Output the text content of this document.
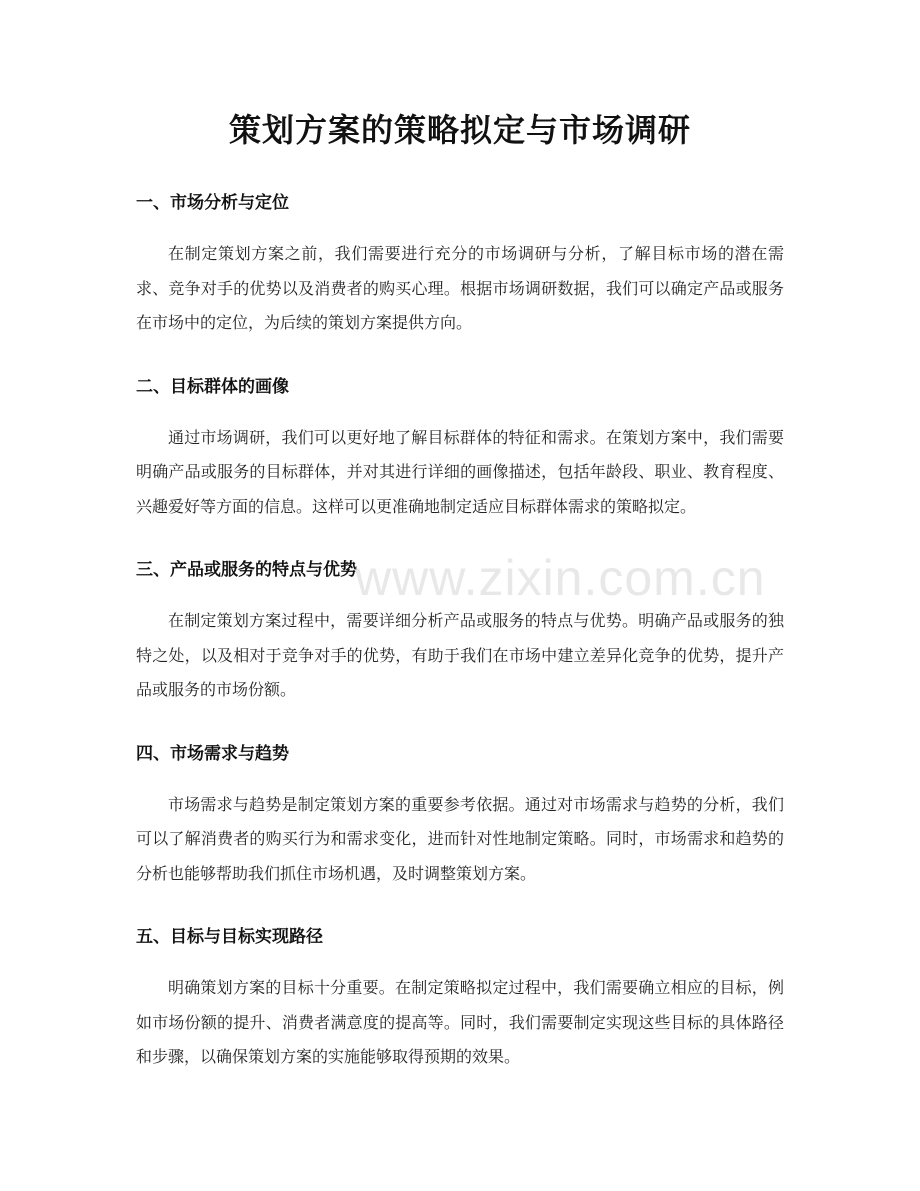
策划方案的策略拟定与市场调研
一、市场分析与定位

在制定策划方案之前，我们需要进行充分的市场调研与分析，了解目标市场的潜在需求、竞争对手的优势以及消费者的购买心理。根据市场调研数据，我们可以确定产品或服务在市场中的定位，为后续的策划方案提供方向。

二、目标群体的画像

通过市场调研，我们可以更好地了解目标群体的特征和需求。在策划方案中，我们需要明确产品或服务的目标群体，并对其进行详细的画像描述，包括年龄段、职业、教育程度、兴趣爱好等方面的信息。这样可以更准确地制定适应目标群体需求的策略拟定。

三、产品或服务的特点与优势

在制定策划方案过程中，需要详细分析产品或服务的特点与优势。明确产品或服务的独特之处，以及相对于竞争对手的优势，有助于我们在市场中建立差异化竞争的优势，提升产品或服务的市场份额。

四、市场需求与趋势

市场需求与趋势是制定策划方案的重要参考依据。通过对市场需求与趋势的分析，我们可以了解消费者的购买行为和需求变化，进而针对性地制定策略。同时，市场需求和趋势的分析也能够帮助我们抓住市场机遇，及时调整策划方案。

五、目标与目标实现路径

明确策划方案的目标十分重要。在制定策略拟定过程中，我们需要确立相应的目标，例如市场份额的提升、消费者满意度的提高等。同时，我们需要制定实现这些目标的具体路径和步骤，以确保策划方案的实施能够取得预期的效果。

www.zixin.com.cn
